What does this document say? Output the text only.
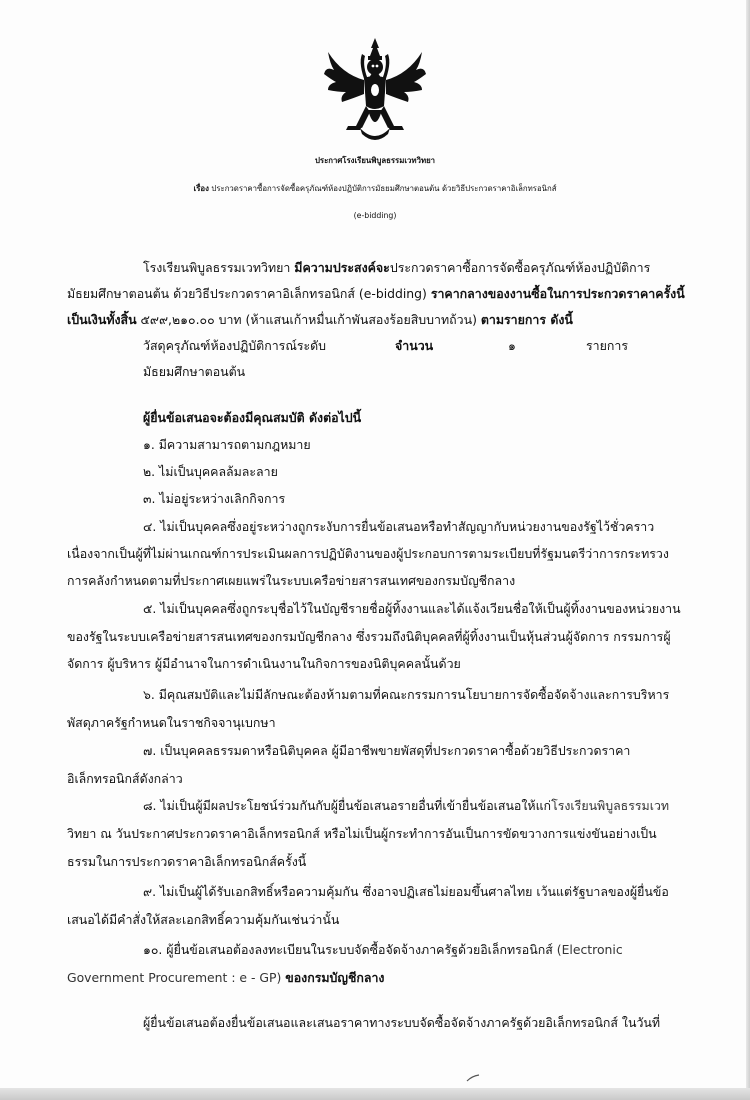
ประกาศโรงเรียนพิบูลธรรมเวทวิทยา
เรื่อง ประกวดราคาซื้อการจัดซื้อครุภัณฑ์ห้องปฏิบัติการมัธยมศึกษาตอนต้น ด้วยวิธีประกวดราคาอิเล็กทรอนิกส์
(e-bidding)
โรงเรียนพิบูลธรรมเวทวิทยา มีความประสงค์จะประกวดราคาซื้อการจัดซื้อครุภัณฑ์ห้องปฏิบัติการ
มัธยมศึกษาตอนต้น ด้วยวิธีประกวดราคาอิเล็กทรอนิกส์ (e-bidding) ราคากลางของงานซื้อในการประกวดราคาครั้งนี้
เป็นเงินทั้งสิ้น ๕๙๙,๒๑๐.๐๐ บาท (ห้าแสนเก้าหมื่นเก้าพันสองร้อยสิบบาทถ้วน) ตามรายการ ดังนี้
วัสดุครุภัณฑ์ห้องปฏิบัติการณ์ระดับ	จำนวน	๑	รายการ
มัธยมศึกษาตอนต้น
ผู้ยื่นข้อเสนอจะต้องมีคุณสมบัติ ดังต่อไปนี้
๑. มีความสามารถตามกฎหมาย
๒. ไม่เป็นบุคคลล้มละลาย
๓. ไม่อยู่ระหว่างเลิกกิจการ
๔. ไม่เป็นบุคคลซึ่งอยู่ระหว่างถูกระงับการยื่นข้อเสนอหรือทำสัญญากับหน่วยงานของรัฐไว้ชั่วคราว
เนื่องจากเป็นผู้ที่ไม่ผ่านเกณฑ์การประเมินผลการปฏิบัติงานของผู้ประกอบการตามระเบียบที่รัฐมนตรีว่าการกระทรวง
การคลังกำหนดตามที่ประกาศเผยแพร่ในระบบเครือข่ายสารสนเทศของกรมบัญชีกลาง
๕. ไม่เป็นบุคคลซึ่งถูกระบุชื่อไว้ในบัญชีรายชื่อผู้ทิ้งงานและได้แจ้งเวียนชื่อให้เป็นผู้ทิ้งงานของหน่วยงาน
ของรัฐในระบบเครือข่ายสารสนเทศของกรมบัญชีกลาง ซึ่งรวมถึงนิติบุคคลที่ผู้ทิ้งงานเป็นหุ้นส่วนผู้จัดการ กรรมการผู้
จัดการ ผู้บริหาร ผู้มีอำนาจในการดำเนินงานในกิจการของนิติบุคคลนั้นด้วย
๖. มีคุณสมบัติและไม่มีลักษณะต้องห้ามตามที่คณะกรรมการนโยบายการจัดซื้อจัดจ้างและการบริหาร
พัสดุภาครัฐกำหนดในราชกิจจานุเบกษา
๗. เป็นบุคคลธรรมดาหรือนิติบุคคล ผู้มีอาชีพขายพัสดุที่ประกวดราคาซื้อด้วยวิธีประกวดราคา
อิเล็กทรอนิกส์ดังกล่าว
๘. ไม่เป็นผู้มีผลประโยชน์ร่วมกันกับผู้ยื่นข้อเสนอรายอื่นที่เข้ายื่นข้อเสนอให้แก่โรงเรียนพิบูลธรรมเวท
วิทยา ณ วันประกาศประกวดราคาอิเล็กทรอนิกส์ หรือไม่เป็นผู้กระทำการอันเป็นการขัดขวางการแข่งขันอย่างเป็น
ธรรมในการประกวดราคาอิเล็กทรอนิกส์ครั้งนี้
๙. ไม่เป็นผู้ได้รับเอกสิทธิ์หรือความคุ้มกัน ซึ่งอาจปฏิเสธไม่ยอมขึ้นศาลไทย เว้นแต่รัฐบาลของผู้ยื่นข้อ
เสนอได้มีคำสั่งให้สละเอกสิทธิ์ความคุ้มกันเช่นว่านั้น
๑๐. ผู้ยื่นข้อเสนอต้องลงทะเบียนในระบบจัดซื้อจัดจ้างภาครัฐด้วยอิเล็กทรอนิกส์ (Electronic
Government Procurement : e - GP) ของกรมบัญชีกลาง
ผู้ยื่นข้อเสนอต้องยื่นข้อเสนอและเสนอราคาทางระบบจัดซื้อจัดจ้างภาครัฐด้วยอิเล็กทรอนิกส์ ในวันที่
